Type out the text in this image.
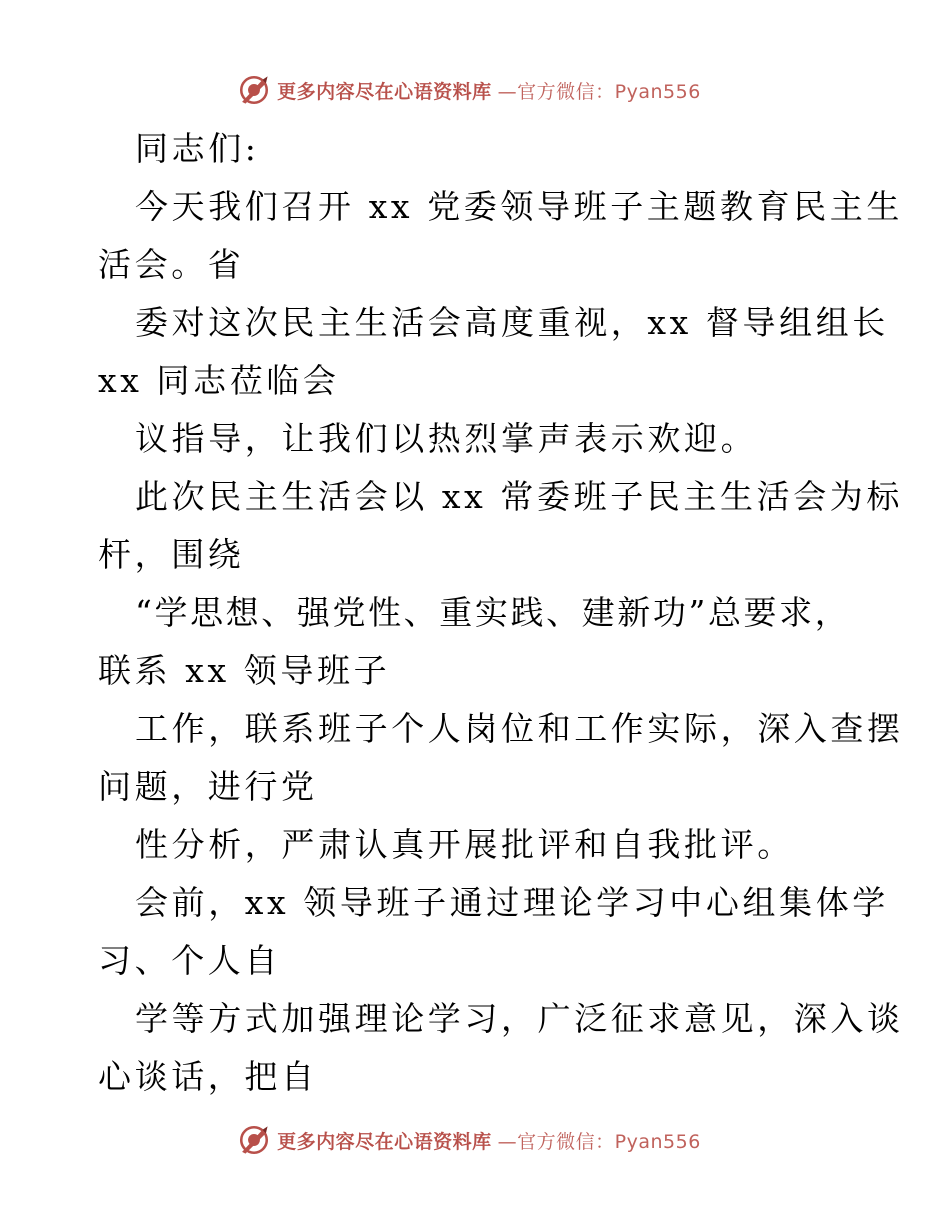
更多内容尽在心语资料库 —官方微信：Pyan556
同志们:
今天我们召开 xx 党委领导班子主题教育民主生
活会。省
委对这次民主生活会高度重视，xx 督导组组长
xx 同志莅临会
议指导，让我们以热烈掌声表示欢迎。
此次民主生活会以 xx 常委班子民主生活会为标
杆，围绕
“学思想、强党性、重实践、建新功”总要求，
联系 xx 领导班子
工作，联系班子个人岗位和工作实际，深入查摆
问题，进行党
性分析，严肃认真开展批评和自我批评。
会前，xx 领导班子通过理论学习中心组集体学
习、个人自
学等方式加强理论学习，广泛征求意见，深入谈
心谈话，把自
更多内容尽在心语资料库 —官方微信：Pyan556
